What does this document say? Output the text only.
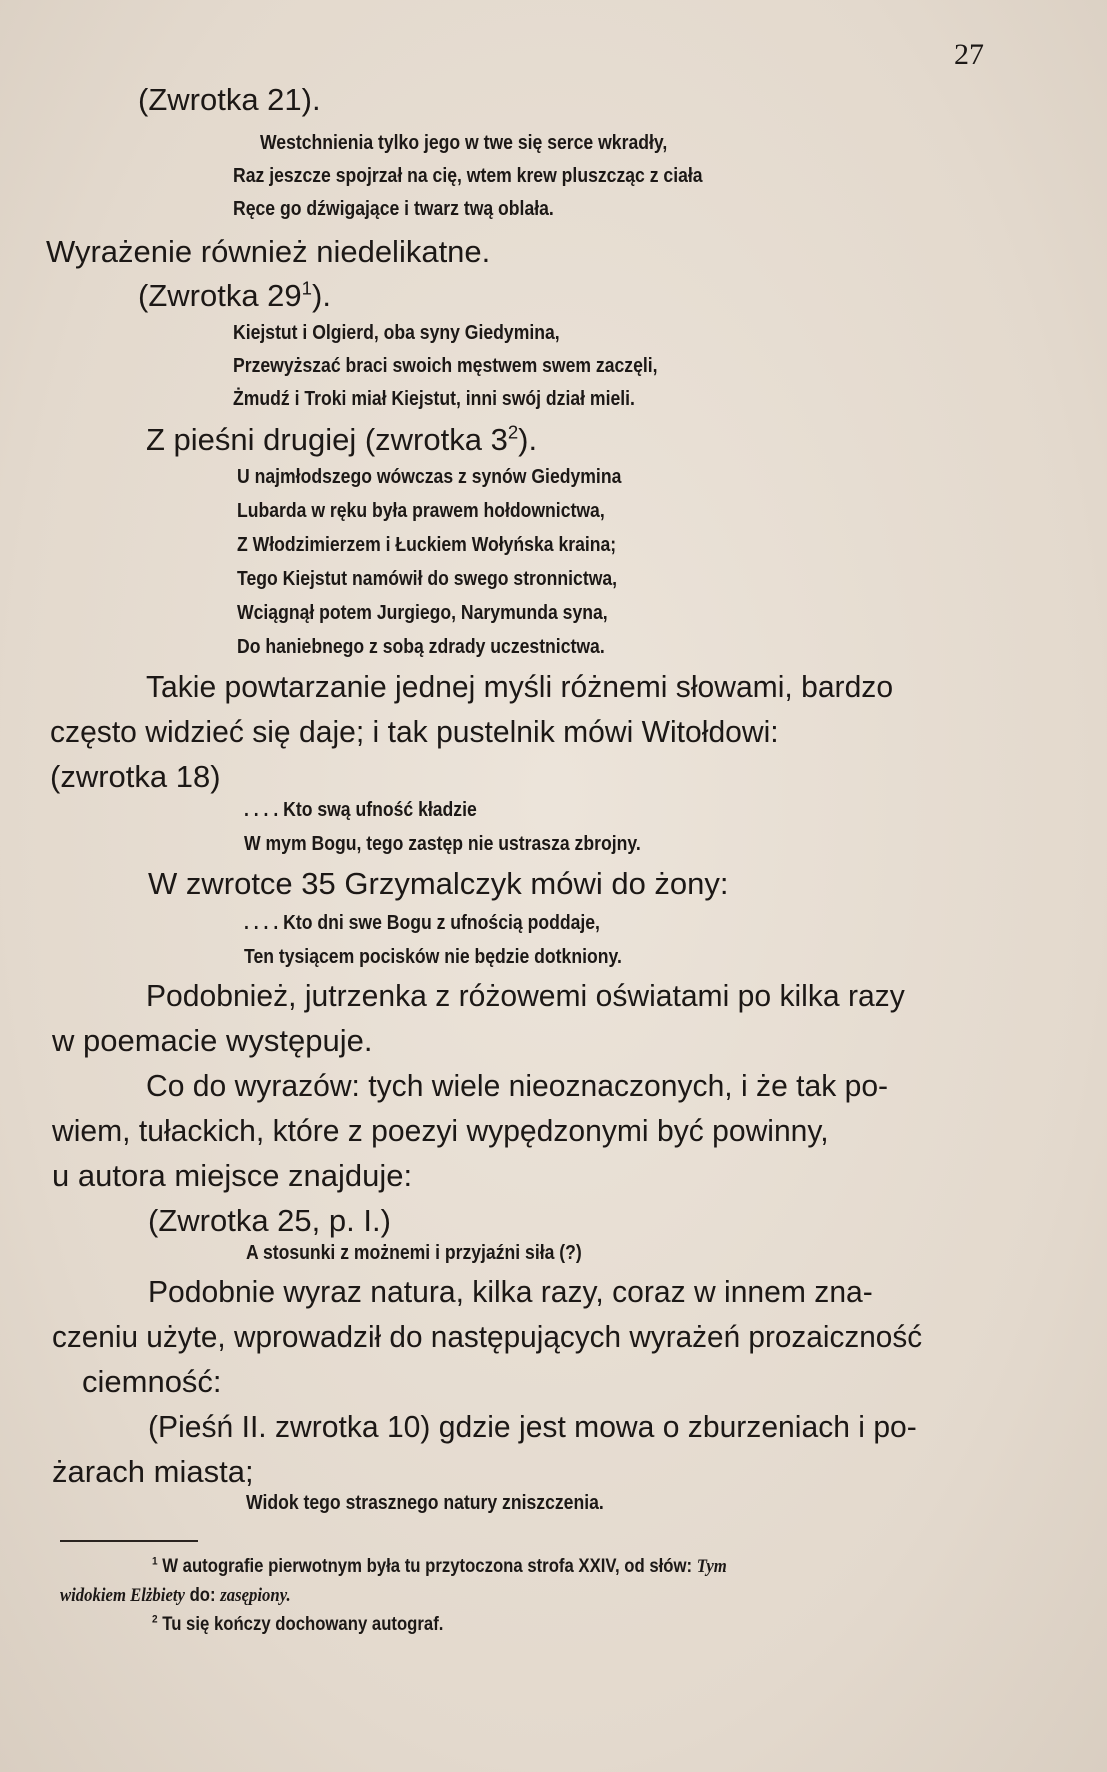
27
(Zwrotka 21).
Westchnienia tylko jego w twe się serce wkradły,
Raz jeszcze spojrzał na cię, wtem krew pluszcząc z ciała
Ręce go dźwigające i twarz twą oblała.
Wyrażenie również niedelikatne.
(Zwrotka $29^1$).
Kiejstut i Olgierd, oba syny Giedymina,
Przewyższać braci swoich męstwem swem zaczęli,
Żmudź i Troki miał Kiejstut, inni swój dział mieli.
Z pieśni drugiej (zwrotka $3^2$).
U najmłodszego wówczas z synów Giedymina
Lubarda w ręku była prawem hołdownictwa,
Z Włodzimierzem i Łuckiem Wołyńska kraina;
Tego Kiejstut namówił do swego stronnictwa,
Wciągnął potem Jurgiego, Narymunda syna,
Do haniebnego z sobą zdrady uczestnictwa.
Takie powtarzanie jednej myśli różnemi słowami, bardzo
często widzieć się daje; i tak pustelnik mówi Witołdowi:
(zwrotka 18)
. . . . Kto swą ufność kładzie
W mym Bogu, tego zastęp nie ustrasza zbrojny.
W zwrotce 35 Grzymalczyk mówi do żony:
. . . . Kto dni swe Bogu z ufnością poddaje,
Ten tysiącem pocisków nie będzie dotkniony.
Podobnież, jutrzenka z różowemi oświatami po kilka razy
w poemacie występuje.
Co do wyrazów: tych wiele nieoznaczonych, i że tak po-
wiem, tułackich, które z poezyi wypędzonymi być powinny,
u autora miejsce znajduje:
(Zwrotka 25, p. I.)
A stosunki z możnemi i przyjaźni siła (?)
Podobnie wyraz natura, kilka razy, coraz w innem zna-
czeniu użyte, wprowadził do następujących wyrażeń prozaiczność
ciemność:
(Pieśń II. zwrotka 10) gdzie jest mowa o zburzeniach i po-
żarach miasta;
Widok tego strasznego natury zniszczenia.
$^1$ W autografie pierwotnym była tu przytoczona strofa XXIV, od słów: Tym
widokiem Elżbiety do: zasępiony.
$^2$ Tu się kończy dochowany autograf.
